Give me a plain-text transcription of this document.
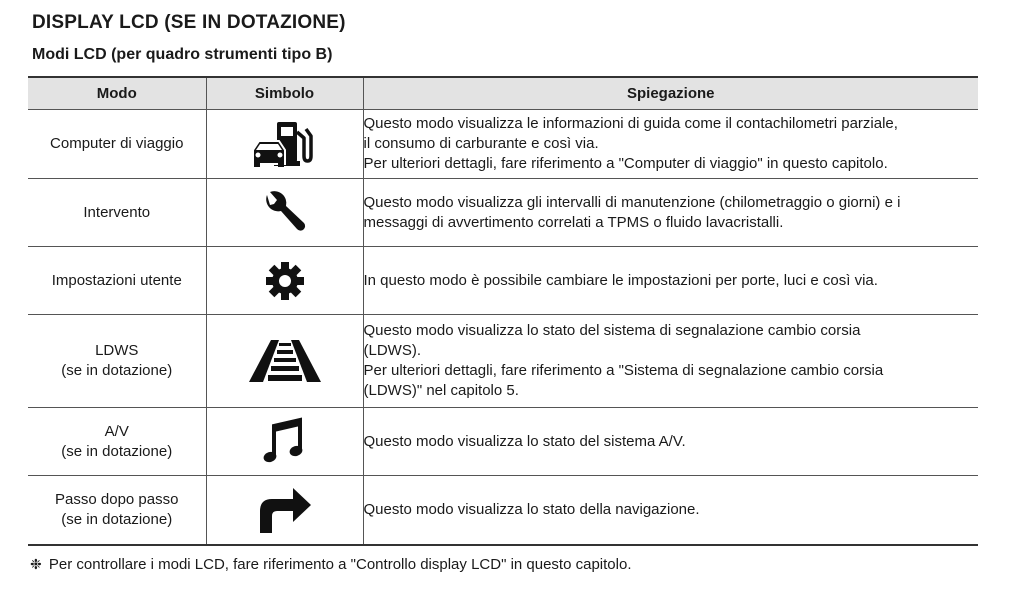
DISPLAY LCD (SE IN DOTAZIONE)
Modi LCD (per quadro strumenti tipo B)
Modo	Simbolo	Spiegazione

Computer di viaggio		Questo modo visualizza le informazioni di guida come il contachilometri parziale,
il consumo di carburante e così via.
Per ulteriori dettagli, fare riferimento a "Computer di viaggio" in questo capitolo.

Intervento		Questo modo visualizza gli intervalli di manutenzione (chilometraggio o giorni) e i
messaggi di avvertimento correlati a TPMS o fluido lavacristalli.

Impostazioni utente		In questo modo è possibile cambiare le impostazioni per porte, luci e così via.

LDWS
(se in dotazione)		Questo modo visualizza lo stato del sistema di segnalazione cambio corsia
(LDWS).
Per ulteriori dettagli, fare riferimento a "Sistema di segnalazione cambio corsia
(LDWS)" nel capitolo 5.

A/V
(se in dotazione)		Questo modo visualizza lo stato del sistema A/V.

Passo dopo passo
(se in dotazione)		Questo modo visualizza lo stato della navigazione.

❉ Per controllare i modi LCD, fare riferimento a "Controllo display LCD" in questo capitolo.
